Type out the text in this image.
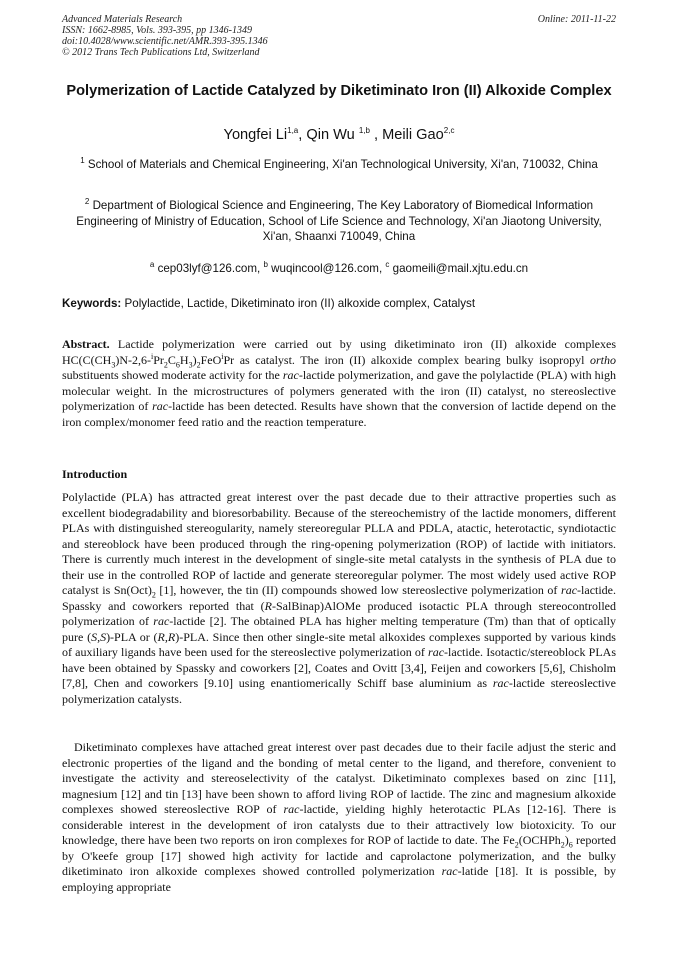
Advanced Materials Research
ISSN: 1662-8985, Vols. 393-395, pp 1346-1349
doi:10.4028/www.scientific.net/AMR.393-395.1346
© 2012 Trans Tech Publications Ltd, Switzerland
Online: 2011-11-22
Polymerization of Lactide Catalyzed by Diketiminato Iron (II) Alkoxide Complex
Yongfei Li$^{1,a}$, Qin Wu $^{1,b}$ , Meili Gao$^{2,c}$
$^1$ School of Materials and Chemical Engineering, Xi'an Technological University, Xi'an, 710032, China
$^2$ Department of Biological Science and Engineering, The Key Laboratory of Biomedical Information Engineering of Ministry of Education, School of Life Science and Technology, Xi'an Jiaotong University, Xi'an, Shaanxi 710049, China
$^a$ cep03lyf@126.com, $^b$ wuqincool@126.com, $^c$ gaomeili@mail.xjtu.edu.cn
Keywords: Polylactide, Lactide, Diketiminato iron (II) alkoxide complex, Catalyst
Abstract. Lactide polymerization were carried out by using diketiminato iron (II) alkoxide complexes $HC(C(CH_3)N-2,6-^iPr_2C_6H_3)_2FeO^iPr$ as catalyst. The iron (II) alkoxide complex bearing bulky isopropyl ortho substituents showed moderate activity for the rac-lactide polymerization, and gave the polylactide (PLA) with high molecular weight. In the microstructures of polymers generated with the iron (II) catalyst, no stereoslective polymerization of rac-lactide has been detected. Results have shown that the conversion of lactide depend on the iron complex/monomer feed ratio and the reaction temperature.
Introduction
Polylactide (PLA) has attracted great interest over the past decade due to their attractive properties such as excellent biodegradability and bioresorbability. Because of the stereochemistry of the lactide monomers, different PLAs with distinguished stereogularity, namely stereoregular PLLA and PDLA, atactic, heterotactic, syndiotactic and stereoblock have been produced through the ring-opening polymerization (ROP) of lactide with initiators. There is currently much interest in the development of single-site metal catalysts in the synthesis of PLA due to their use in the controlled ROP of lactide and generate stereoregular polymer. The most widely used active ROP catalyst is $Sn(Oct)_2$ [1], however, the tin (II) compounds showed low stereoslective polymerization of rac-lactide. Spassky and coworkers reported that (R-SalBinap)AlOMe produced isotactic PLA through stereocontrolled polymerization of rac-lactide [2]. The obtained PLA has higher melting temperature (Tm) than that of optically pure (S,S)-PLA or (R,R)-PLA. Since then other single-site metal alkoxides complexes supported by various kinds of auxiliary ligands have been used for the stereoslective polymerization of rac-lactide. Isotactic/stereoblock PLAs have been obtained by Spassky and coworkers [2], Coates and Ovitt [3,4], Feijen and coworkers [5,6], Chisholm [7,8], Chen and coworkers [9.10] using enantiomerically Schiff base aluminium as rac-lactide stereoslective polymerization catalysts.
Diketiminato complexes have attached great interest over past decades due to their facile adjust the steric and electronic properties of the ligand and the bonding of metal center to the ligand, and therefore, convenient to investigate the activity and stereoselectivity of the catalyst. Diketiminato complexes based on zinc [11], magnesium [12] and tin [13] have been shown to afford living ROP of lactide. The zinc and magnesium alkoxide complexes showed stereoslective ROP of rac-lactide, yielding highly heterotactic PLAs [12-16]. There is considerable interest in the development of iron catalysts due to their attractively low biotoxicity. To our knowledge, there have been two reports on iron complexes for ROP of lactide to date. The $Fe_2(OCHPh_2)_6$ reported by O'keefe group [17] showed high activity for lactide and caprolactone polymerization, and the bulky diketiminato iron alkoxide complexes showed controlled polymerization rac-latide [18]. It is possible, by employing appropriate
